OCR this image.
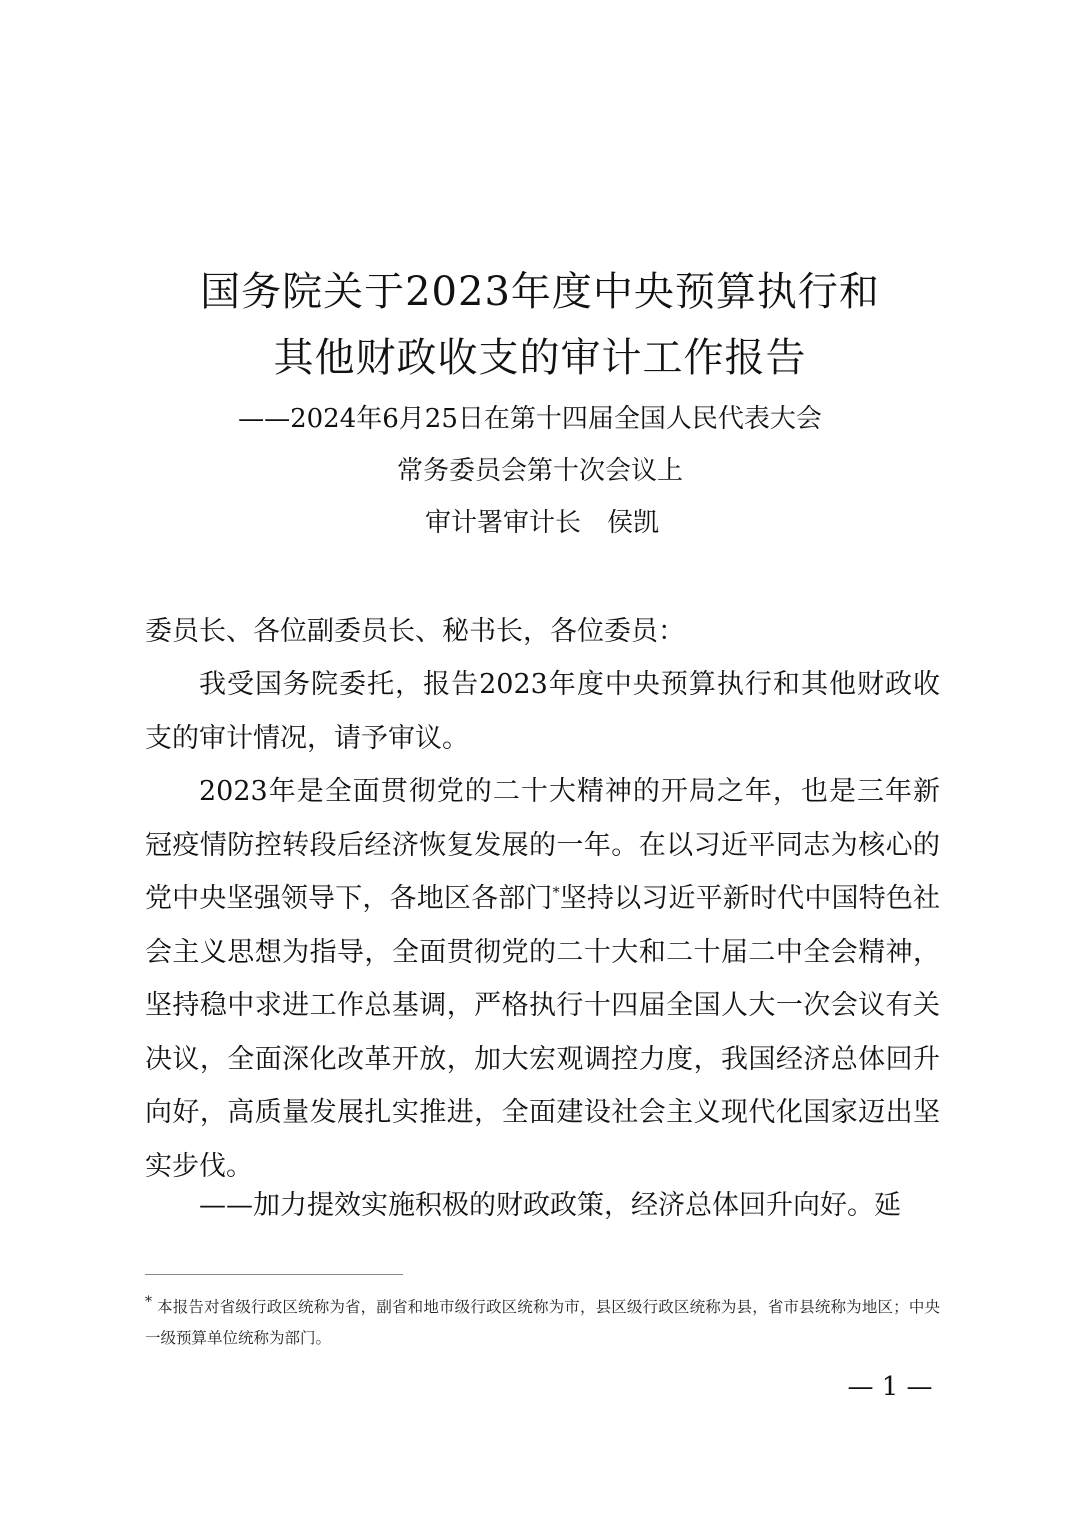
国务院关于2023年度中央预算执行和
其他财政收支的审计工作报告
——2024年6月25日在第十四届全国人民代表大会
常务委员会第十次会议上
审计署审计长　侯凯
委员长、各位副委员长、秘书长，各位委员：
我受国务院委托，报告2023年度中央预算执行和其他财政收支的审计情况，请予审议。
2023年是全面贯彻党的二十大精神的开局之年，也是三年新冠疫情防控转段后经济恢复发展的一年。在以习近平同志为核心的党中央坚强领导下，各地区各部门*坚持以习近平新时代中国特色社会主义思想为指导，全面贯彻党的二十大和二十届二中全会精神，坚持稳中求进工作总基调，严格执行十四届全国人大一次会议有关决议，全面深化改革开放，加大宏观调控力度，我国经济总体回升向好，高质量发展扎实推进，全面建设社会主义现代化国家迈出坚实步伐。
——加力提效实施积极的财政政策，经济总体回升向好。延
* 本报告对省级行政区统称为省，副省和地市级行政区统称为市，县区级行政区统称为县，省市县统称为地区；中央一级预算单位统称为部门。
— 1 —
